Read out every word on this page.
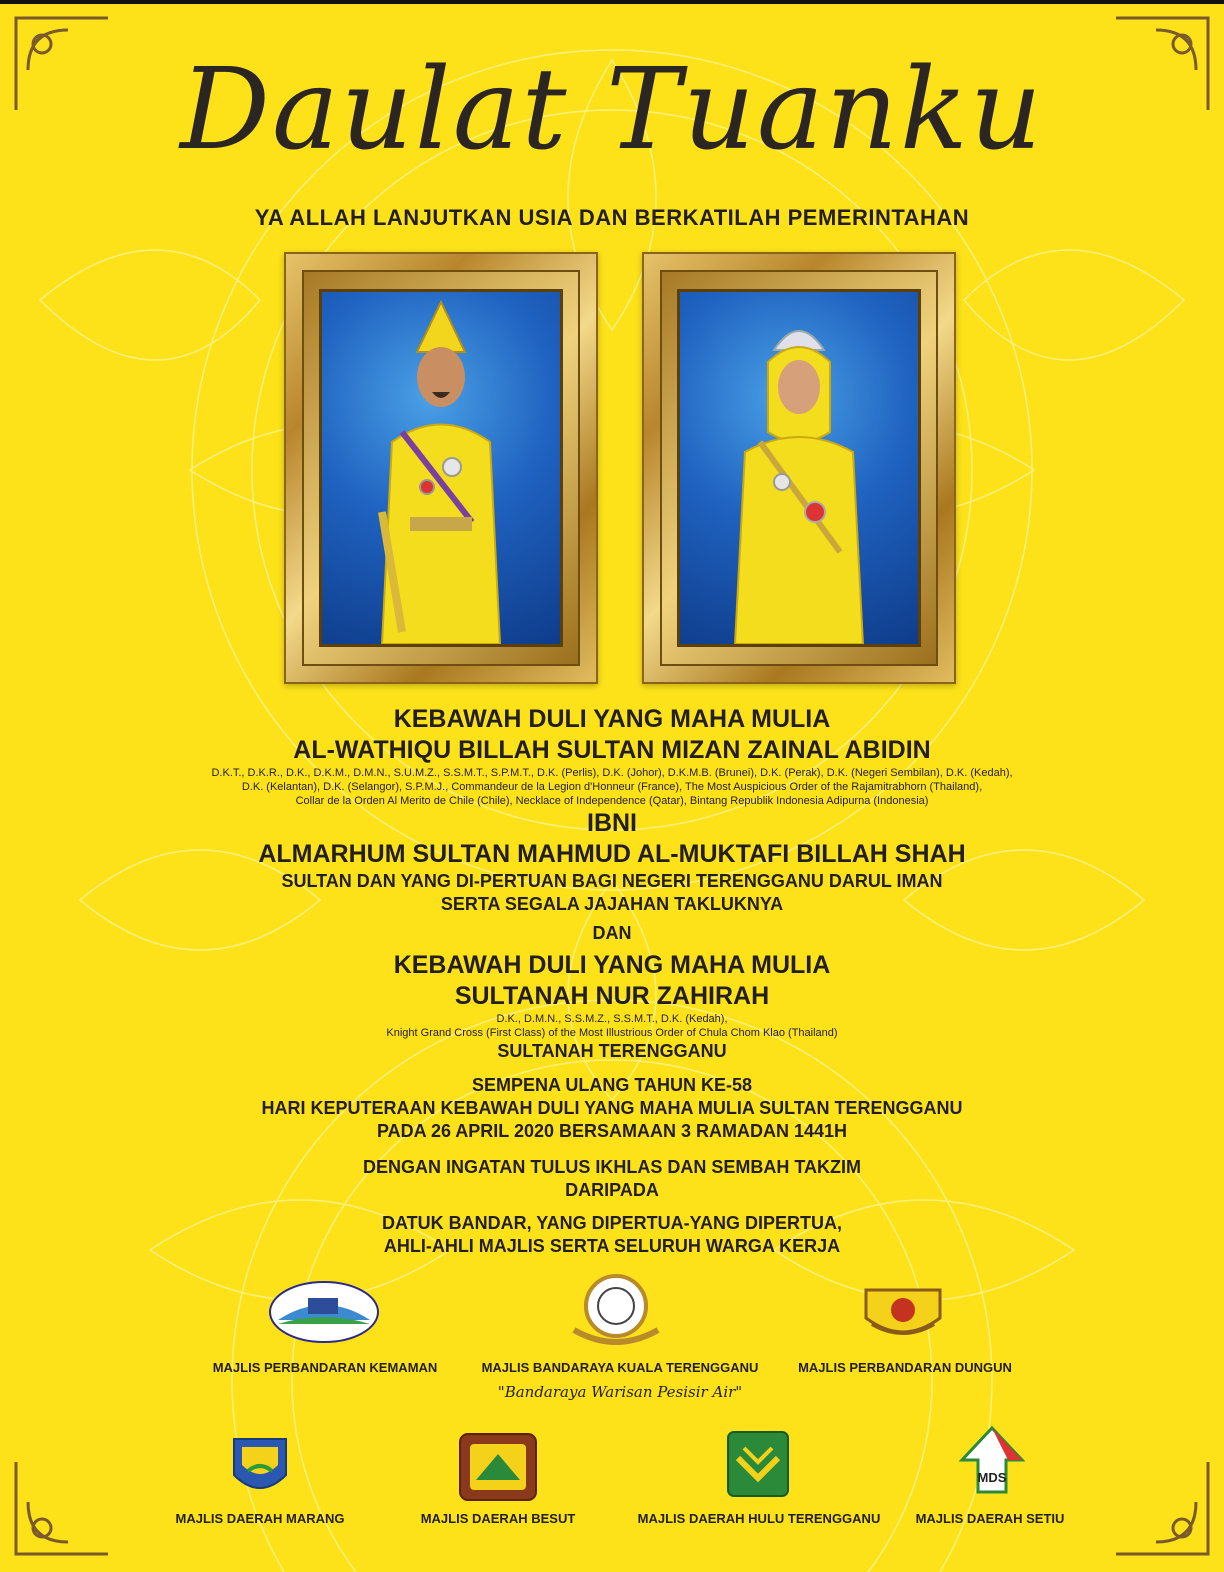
Daulat Tuanku
YA ALLAH LANJUTKAN USIA DAN BERKATILAH PEMERINTAHAN
KEBAWAH DULI YANG MAHA MULIA
AL-WATHIQU BILLAH SULTAN MIZAN ZAINAL ABIDIN
D.K.T., D.K.R., D.K., D.K.M., D.M.N., S.U.M.Z., S.S.M.T., S.P.M.T., D.K. (Perlis), D.K. (Johor), D.K.M.B. (Brunei), D.K. (Perak), D.K. (Negeri Sembilan), D.K. (Kedah),
D.K. (Kelantan), D.K. (Selangor), S.P.M.J., Commandeur de la Legion d'Honneur (France), The Most Auspicious Order of the Rajamitrabhorn (Thailand),
Collar de la Orden Al Merito de Chile (Chile), Necklace of Independence (Qatar), Bintang Republik Indonesia Adipurna (Indonesia)
IBNI
ALMARHUM SULTAN MAHMUD AL-MUKTAFI BILLAH SHAH
SULTAN DAN YANG DI-PERTUAN BAGI NEGERI TERENGGANU DARUL IMAN
SERTA SEGALA JAJAHAN TAKLUKNYA
DAN
KEBAWAH DULI YANG MAHA MULIA
SULTANAH NUR ZAHIRAH
D.K., D.M.N., S.S.M.Z., S.S.M.T., D.K. (Kedah),
Knight Grand Cross (First Class) of the Most Illustrious Order of Chula Chom Klao (Thailand)
SULTANAH TERENGGANU
SEMPENA ULANG TAHUN KE-58
HARI KEPUTERAAN KEBAWAH DULI YANG MAHA MULIA SULTAN TERENGGANU
PADA 26 APRIL 2020 BERSAMAAN 3 RAMADAN 1441H
DENGAN INGATAN TULUS IKHLAS DAN SEMBAH TAKZIM
DARIPADA
DATUK BANDAR, YANG DIPERTUA-YANG DIPERTUA,
AHLI-AHLI MAJLIS SERTA SELURUH WARGA KERJA
MAJLIS PERBANDARAN KEMAMAN	MAJLIS BANDARAYA KUALA TERENGGANU
"Bandaraya Warisan Pesisir Air"
MAJLIS PERBANDARAN DUNGUN
MAJLIS DAERAH MARANG	MAJLIS DAERAH BESUT	MAJLIS DAERAH HULU TERENGGANU
MDS
MAJLIS DAERAH SETIU
